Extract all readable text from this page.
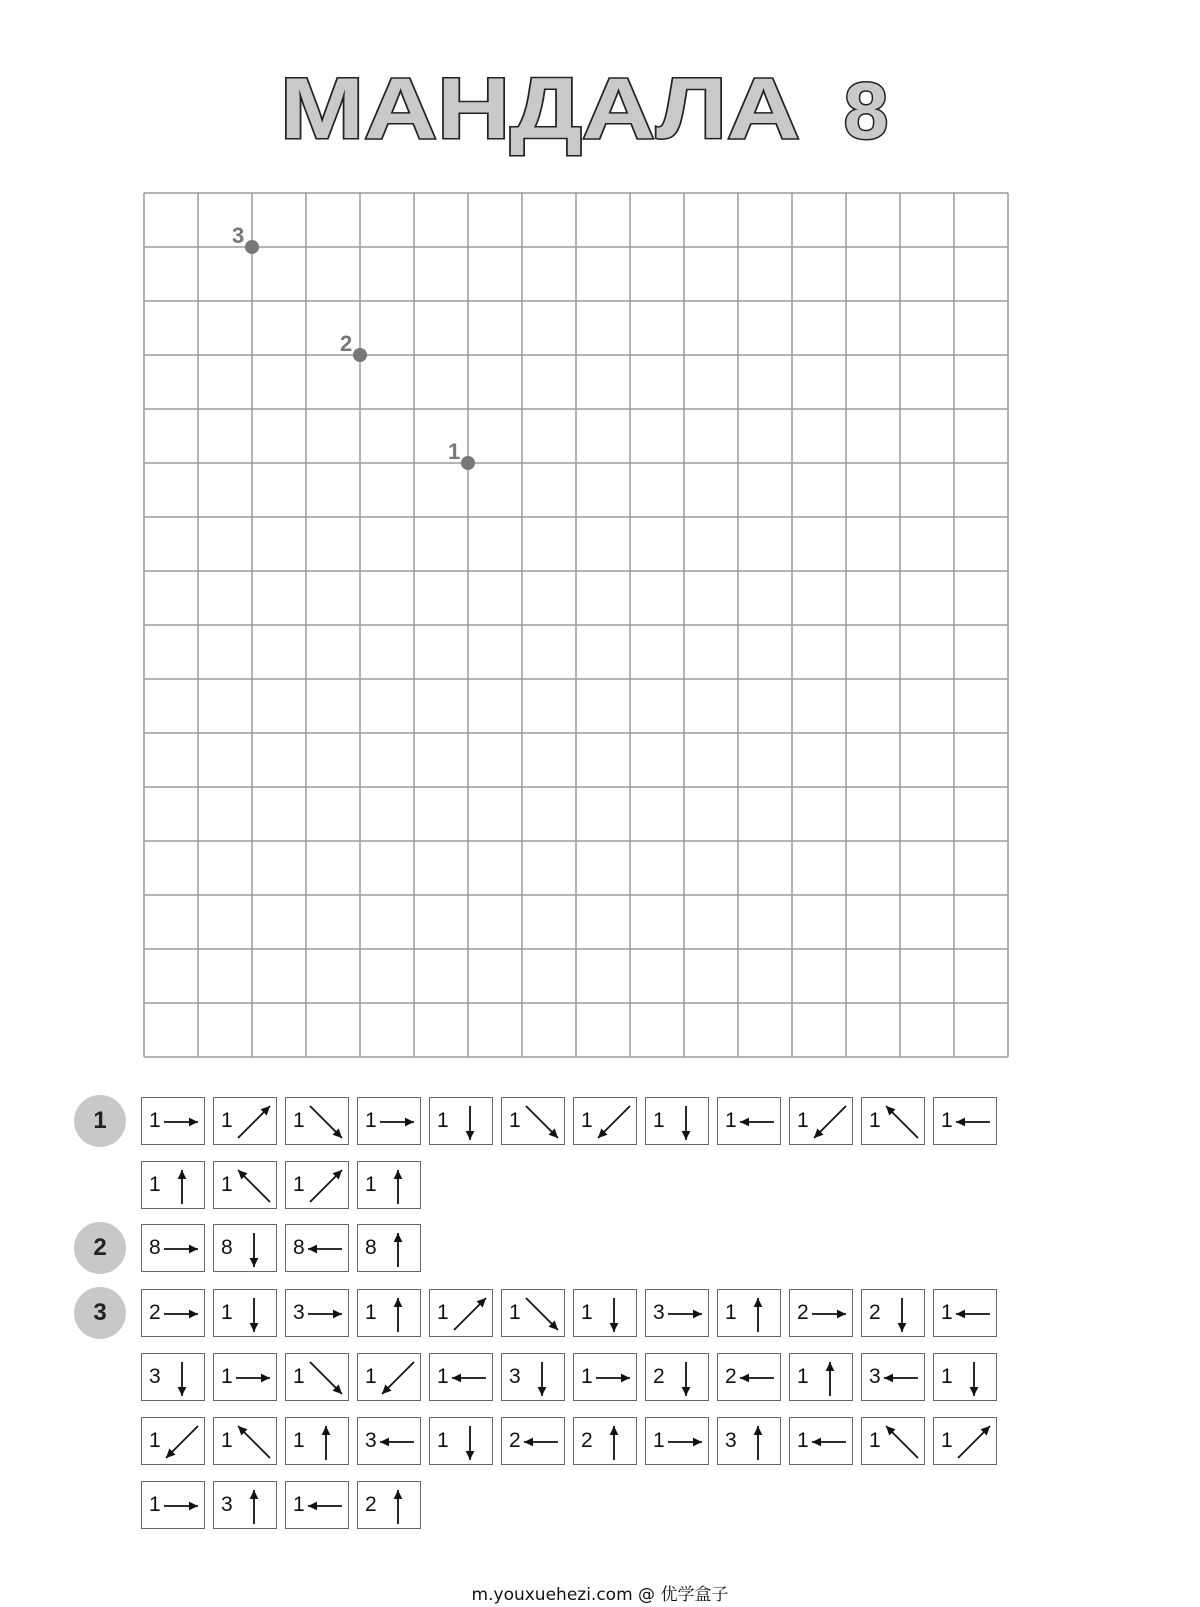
МАНДАЛА 8
3
2
1
1	1	1	1	1	1	1	1	1	1	1	1	1
1	1	1	1
2	8	8	8	8
3	2	1	3	1	1	1	1	3	1	2	2	1
3	1	1	1	1	3	1	2	2	1	3	1
1	1	1	3	1	2	2	1	3	1	1	1
1	3	1	2
m.youxuehezi.com @ 优学盒子
